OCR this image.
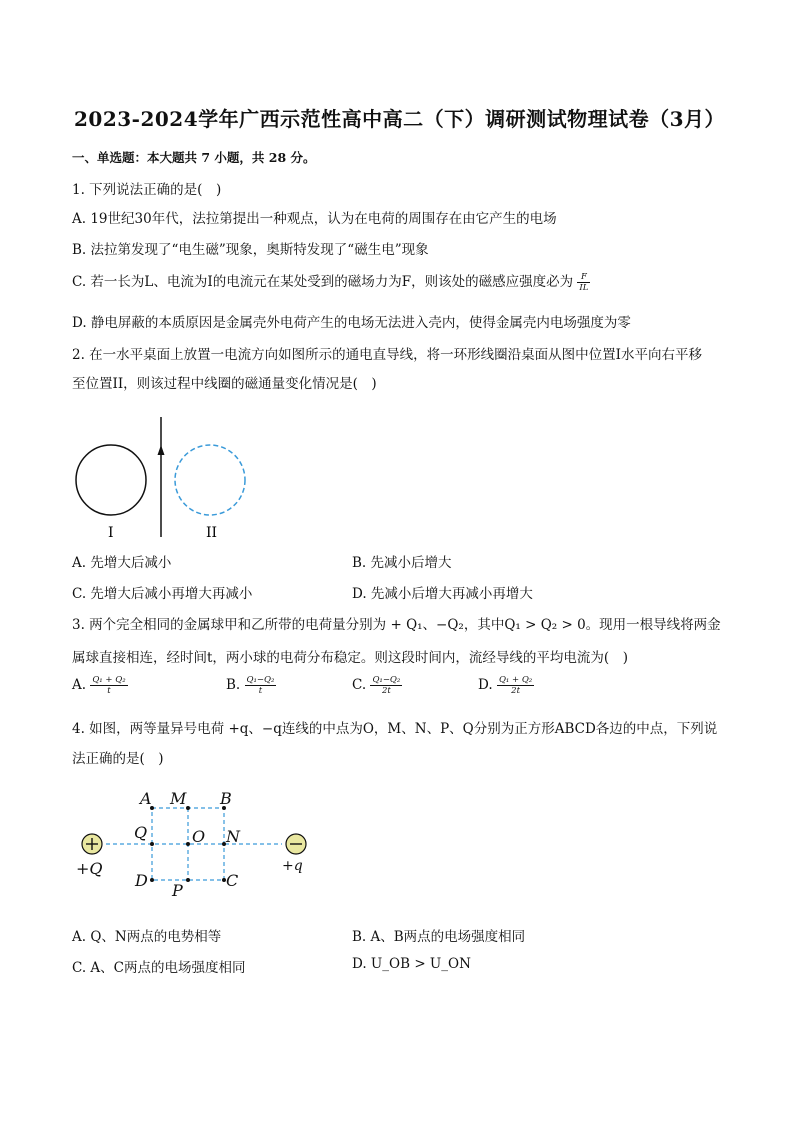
2023-2024学年广西示范性高中高二（下）调研测试物理试卷（3月）
一、单选题：本大题共 7 小题，共 28 分。
1. 下列说法正确的是(　)
A. 19世纪30年代，法拉第提出一种观点，认为在电荷的周围存在由它产生的电场
B. 法拉第发现了“电生磁”现象，奥斯特发现了“磁生电”现象
C. 若一长为L、电流为I的电流元在某处受到的磁场力为F，则该处的磁感应强度必为 $\frac{F}{IL}$
D. 静电屏蔽的本质原因是金属壳外电荷产生的电场无法进入壳内，使得金属壳内电场强度为零
2. 在一水平桌面上放置一电流方向如图所示的通电直导线，将一环形线圈沿桌面从图中位置I水平向右平移
至位置II，则该过程中线圈的磁通量变化情况是(　)
I	II
A. 先增大后减小	B. 先减小后增大
C. 先增大后减小再增大再减小	D. 先减小后增大再减小再增大
3. 两个完全相同的金属球甲和乙所带的电荷量分别为 + Q₁、−Q₂，其中Q₁ > Q₂ > 0。现用一根导线将两金
属球直接相连，经时间t，两小球的电荷分布稳定。则这段时间内，流经导线的平均电流为(　)
A. $\frac{\text{Q₁ + Q₂}}{t}$	B. $\frac{\text{Q₁−Q₂}}{t}$	C. $\frac{\text{Q₁−Q₂}}{2t}$	D. $\frac{\text{Q₁ + Q₂}}{2t}$
4. 如图，两等量异号电荷 +q、−q连线的中点为O，M、N、P、Q分别为正方形ABCD各边的中点，下列说
法正确的是(　)
A M B
Q	O N
D
P
C
+Q	+q
A. Q、N两点的电势相等	B. A、B两点的电场强度相同
C. A、C两点的电场强度相同	D. U_OB > U_ON
